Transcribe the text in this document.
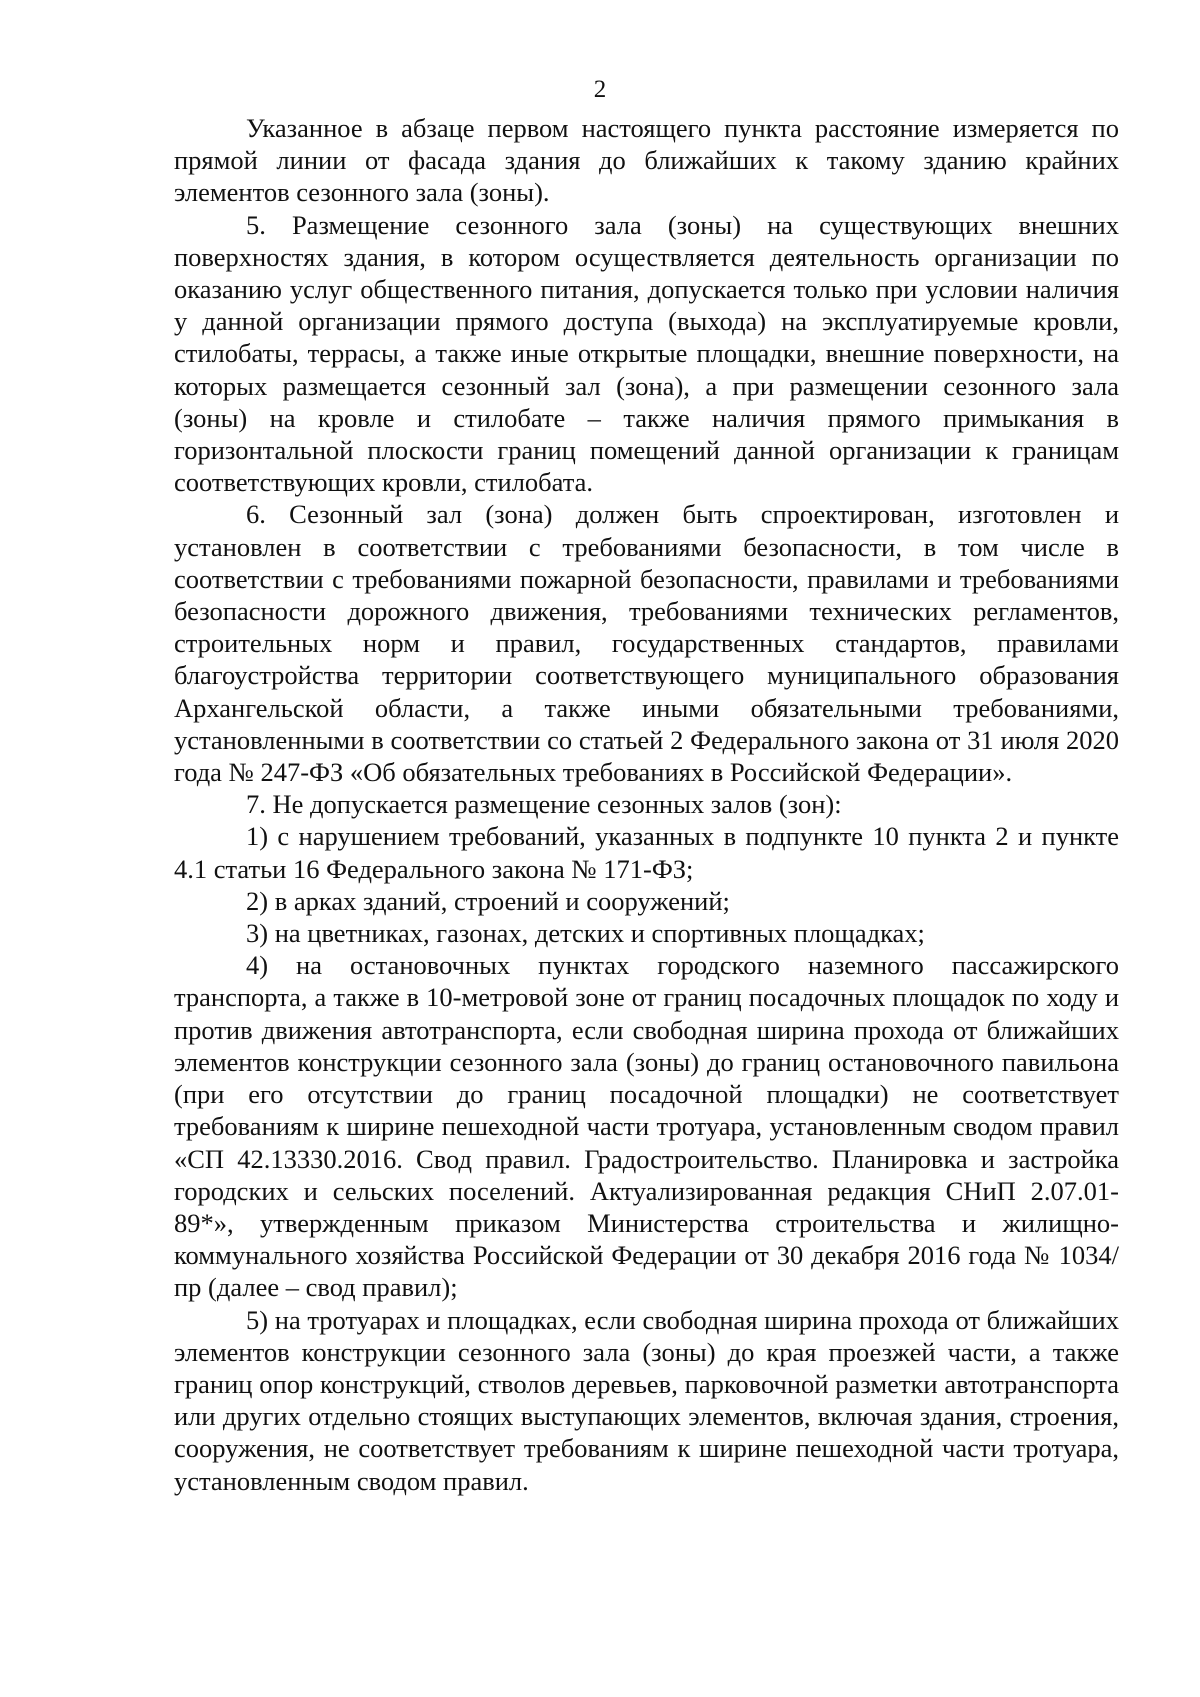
2

Указанное в абзаце первом настоящего пункта расстояние измеряется по прямой линии от фасада здания до ближайших к такому зданию крайних элементов сезонного зала (зоны).

5. Размещение сезонного зала (зоны) на существующих внешних поверхностях здания, в котором осуществляется деятельность организации по оказанию услуг общественного питания, допускается только при условии наличия у данной организации прямого доступа (выхода) на эксплуатируемые кровли, стилобаты, террасы, а также иные открытые площадки, внешние поверхности, на которых размещается сезонный зал (зона), а при размещении сезонного зала (зоны) на кровле и стилобате – также наличия прямого примыкания в горизонтальной плоскости границ помещений данной организации к границам соответствующих кровли, стилобата.

6. Сезонный зал (зона) должен быть спроектирован, изготовлен и установлен в соответствии с требованиями безопасности, в том числе в соответствии с требованиями пожарной безопасности, правилами и требованиями безопасности дорожного движения, требованиями технических регламентов, строительных норм и правил, государственных стандартов, правилами благоустройства территории соответствующего муниципального образования Архангельской области, а также иными обязательными требованиями, установленными в соответствии со статьей 2 Федерального закона от 31 июля 2020 года № 247-ФЗ «Об обязательных требованиях в Российской Федерации».

7. Не допускается размещение сезонных залов (зон):

1) с нарушением требований, указанных в подпункте 10 пункта 2 и пункте 4.1 статьи 16 Федерального закона № 171-ФЗ;

2) в арках зданий, строений и сооружений;

3) на цветниках, газонах, детских и спортивных площадках;

4) на остановочных пунктах городского наземного пассажирского транспорта, а также в 10-метровой зоне от границ посадочных площадок по ходу и против движения автотранспорта, если свободная ширина прохода от ближайших элементов конструкции сезонного зала (зоны) до границ остановочного павильона (при его отсутствии до границ посадочной площадки) не соответствует требованиям к ширине пешеходной части тротуара, установленным сводом правил «СП 42.13330.2016. Свод правил. Градостроительство. Планировка и застройка городских и сельских поселений. Актуализированная редакция СНиП 2.07.01-89*», утвержденным приказом Министерства строительства и жилищно-коммунального хозяйства Российской Федерации от 30 декабря 2016 года № 1034/пр (далее – свод правил);

5) на тротуарах и площадках, если свободная ширина прохода от ближайших элементов конструкции сезонного зала (зоны) до края проезжей части, а также границ опор конструкций, стволов деревьев, парковочной разметки автотранспорта или других отдельно стоящих выступающих элементов, включая здания, строения, сооружения, не соответствует требованиям к ширине пешеходной части тротуара, установленным сводом правил.
